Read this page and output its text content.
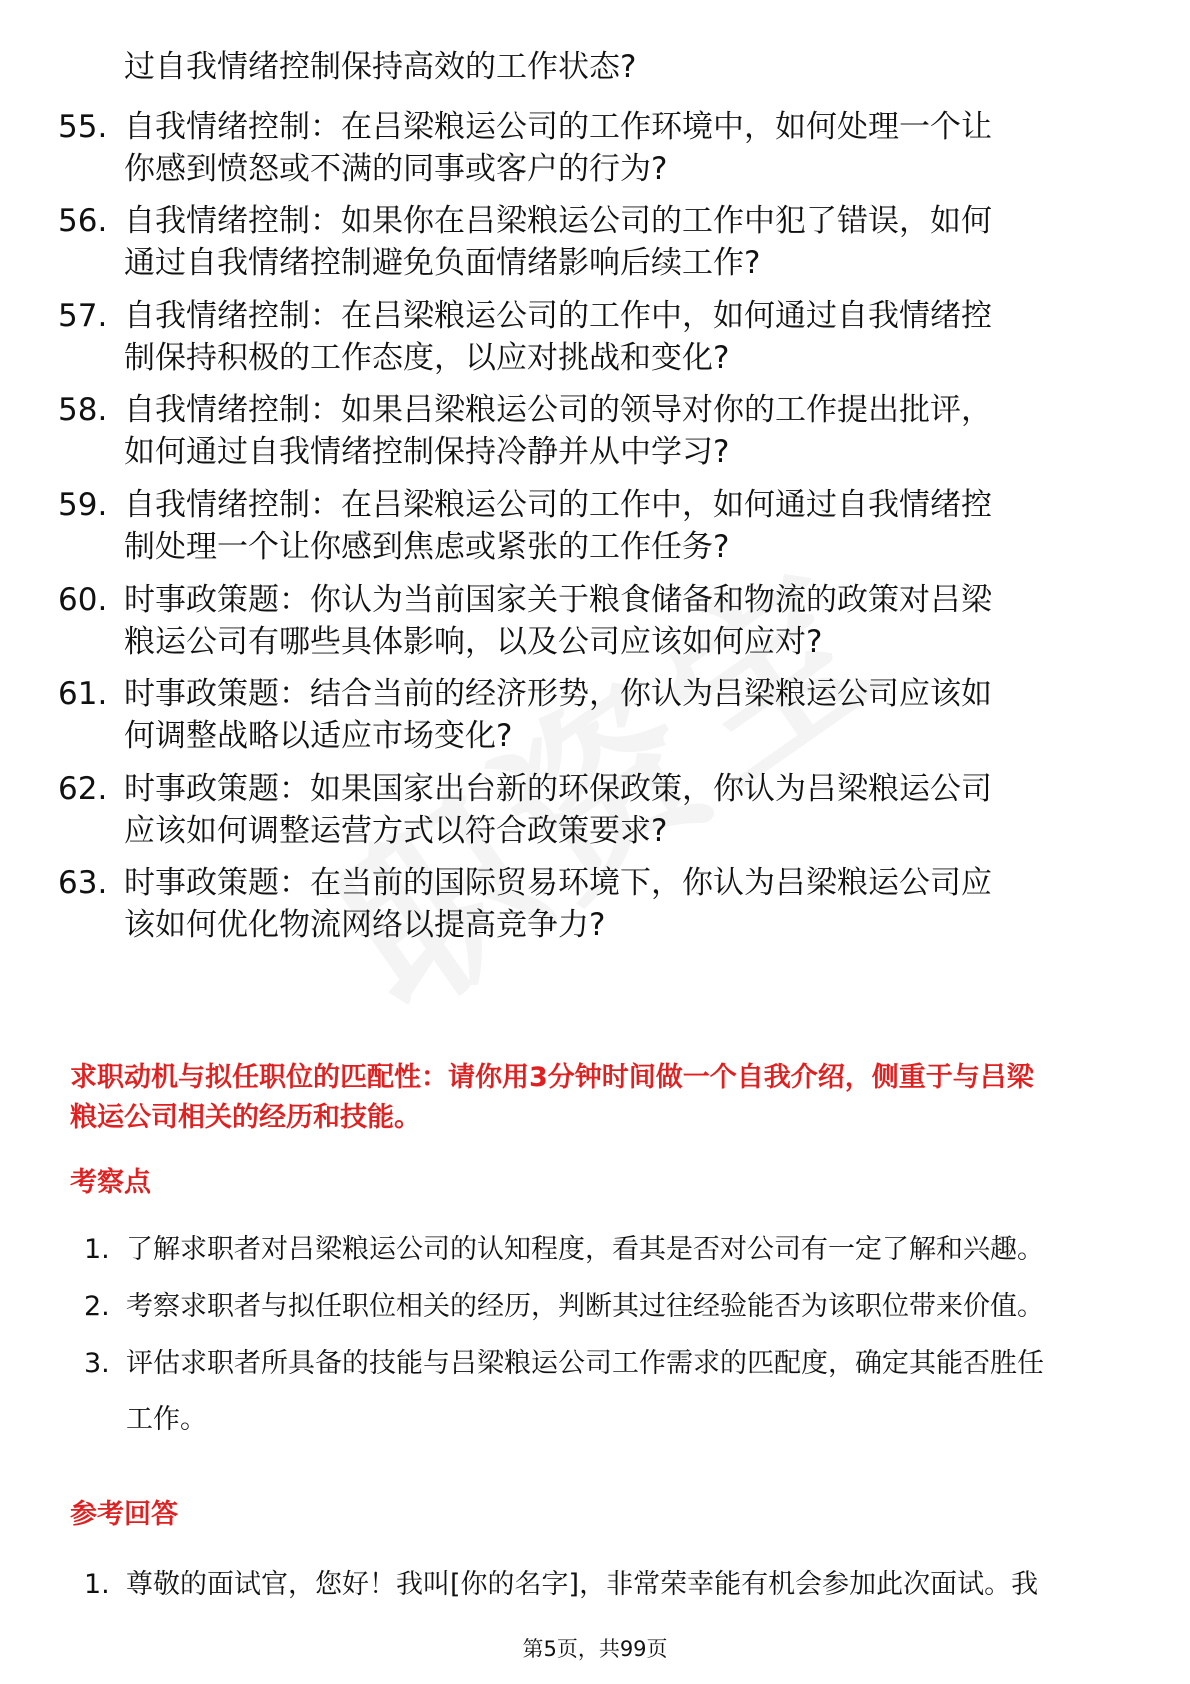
过自我情绪控制保持高效的工作状态?
55. 自我情绪控制：在吕梁粮运公司的工作环境中，如何处理一个让
你感到愤怒或不满的同事或客户的行为?
56. 自我情绪控制：如果你在吕梁粮运公司的工作中犯了错误，如何
通过自我情绪控制避免负面情绪影响后续工作?
57. 自我情绪控制：在吕梁粮运公司的工作中，如何通过自我情绪控
制保持积极的工作态度，以应对挑战和变化?
58. 自我情绪控制：如果吕梁粮运公司的领导对你的工作提出批评，
如何通过自我情绪控制保持冷静并从中学习?
59. 自我情绪控制：在吕梁粮运公司的工作中，如何通过自我情绪控
制处理一个让你感到焦虑或紧张的工作任务?
60. 时事政策题：你认为当前国家关于粮食储备和物流的政策对吕梁
粮运公司有哪些具体影响，以及公司应该如何应对?
61. 时事政策题：结合当前的经济形势，你认为吕梁粮运公司应该如
何调整战略以适应市场变化?
62. 时事政策题：如果国家出台新的环保政策，你认为吕梁粮运公司
应该如何调整运营方式以符合政策要求?
63. 时事政策题：在当前的国际贸易环境下，你认为吕梁粮运公司应
该如何优化物流网络以提高竞争力?
求职动机与拟任职位的匹配性：请你用3分钟时间做一个自我介绍，侧重于与吕梁
粮运公司相关的经历和技能。
考察点
1. 了解求职者对吕梁粮运公司的认知程度，看其是否对公司有一定了解和兴趣。
2. 考察求职者与拟任职位相关的经历，判断其过往经验能否为该职位带来价值。
3. 评估求职者所具备的技能与吕梁粮运公司工作需求的匹配度，确定其能否胜任
工作。
参考回答
1. 尊敬的面试官，您好！我叫[你的名字]，非常荣幸能有机会参加此次面试。我
第5页，共99页
